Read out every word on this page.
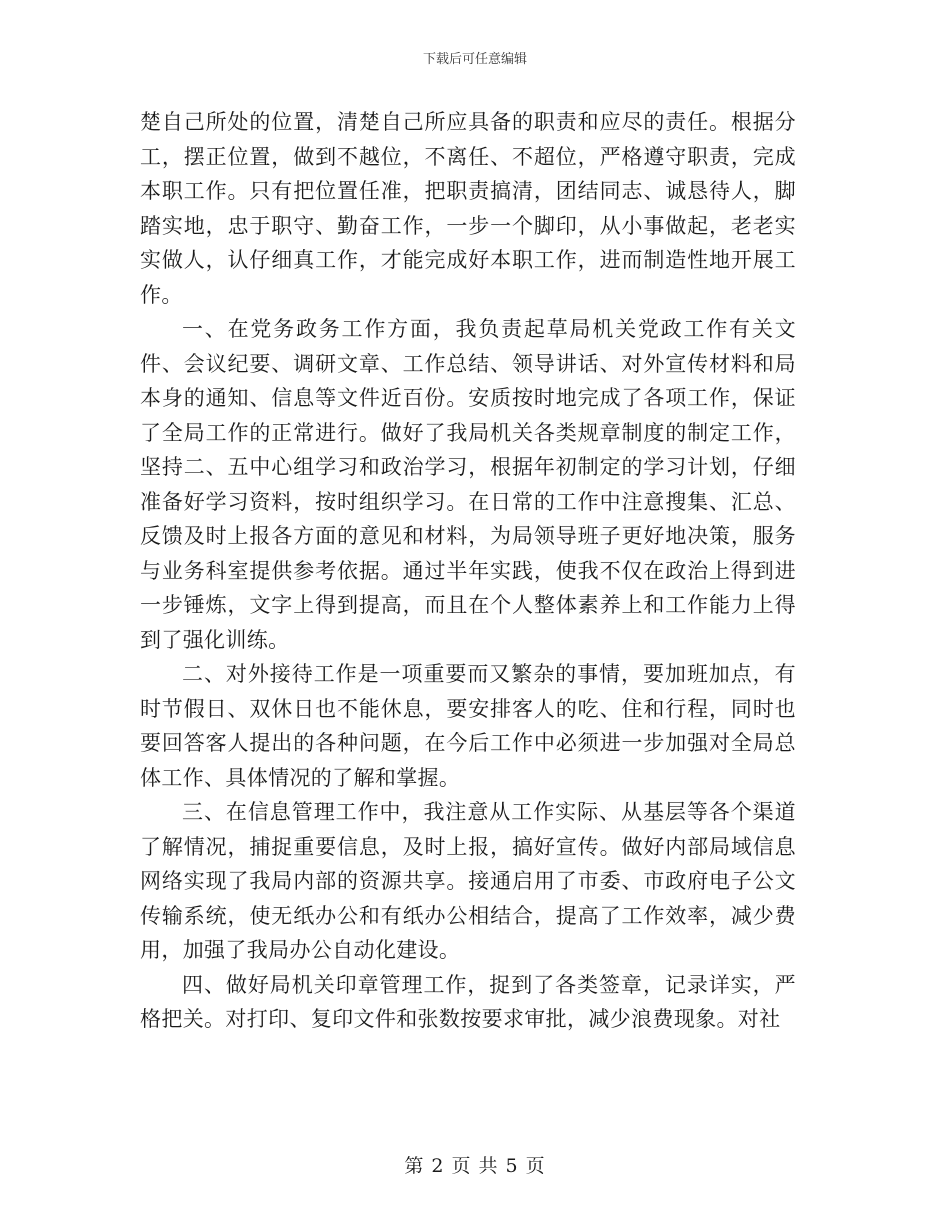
下载后可任意编辑

楚自己所处的位置，清楚自己所应具备的职责和应尽的责任。根据分工，摆正位置，做到不越位，不离任、不超位，严格遵守职责，完成本职工作。只有把位置任准，把职责搞清，团结同志、诚恳待人，脚踏实地，忠于职守、勤奋工作，一步一个脚印，从小事做起，老老实实做人，认仔细真工作，才能完成好本职工作，进而制造性地开展工作。

一、在党务政务工作方面，我负责起草局机关党政工作有关文件、会议纪要、调研文章、工作总结、领导讲话、对外宣传材料和局本身的通知、信息等文件近百份。安质按时地完成了各项工作，保证了全局工作的正常进行。做好了我局机关各类规章制度的制定工作，坚持二、五中心组学习和政治学习，根据年初制定的学习计划，仔细准备好学习资料，按时组织学习。在日常的工作中注意搜集、汇总、反馈及时上报各方面的意见和材料，为局领导班子更好地决策，服务与业务科室提供参考依据。通过半年实践，使我不仅在政治上得到进一步锤炼，文字上得到提高，而且在个人整体素养上和工作能力上得到了强化训练。

二、对外接待工作是一项重要而又繁杂的事情，要加班加点，有时节假日、双休日也不能休息，要安排客人的吃、住和行程，同时也要回答客人提出的各种问题，在今后工作中必须进一步加强对全局总体工作、具体情况的了解和掌握。

三、在信息管理工作中，我注意从工作实际、从基层等各个渠道了解情况，捕捉重要信息，及时上报，搞好宣传。做好内部局域信息网络实现了我局内部的资源共享。接通启用了市委、市政府电子公文传输系统，使无纸办公和有纸办公相结合，提高了工作效率，减少费用，加强了我局办公自动化建设。

四、做好局机关印章管理工作，捉到了各类签章，记录详实，严格把关。对打印、复印文件和张数按要求审批，减少浪费现象。对社

第 2 页 共 5 页
